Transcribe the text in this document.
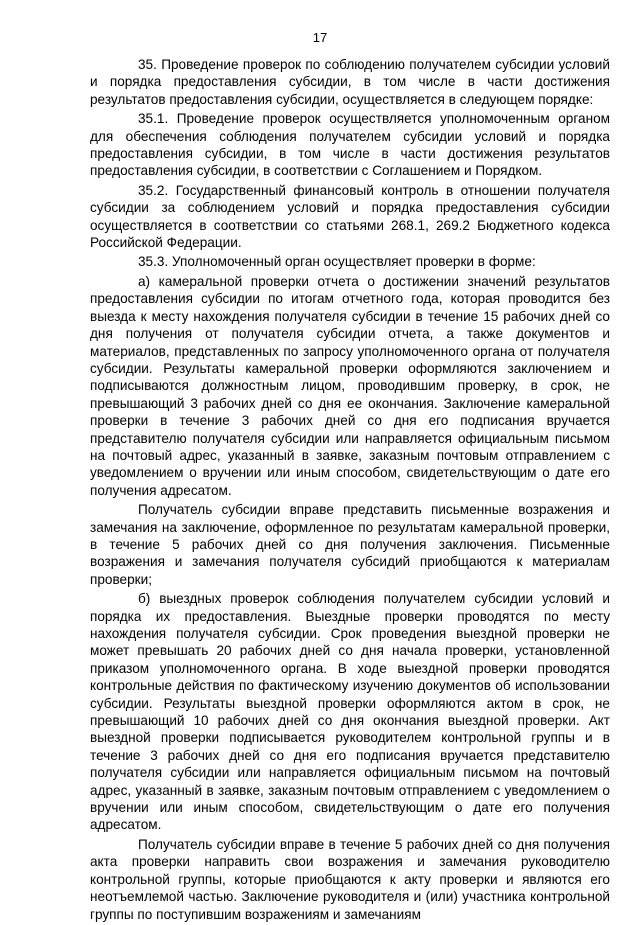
17

35. Проведение проверок по соблюдению получателем субсидии условий и порядка предоставления субсидии, в том числе в части достижения результатов предоставления субсидии, осуществляется в следующем порядке:

35.1. Проведение проверок осуществляется уполномоченным органом для обеспечения соблюдения получателем субсидии условий и порядка предоставления субсидии, в том числе в части достижения результатов предоставления субсидии, в соответствии с Соглашением и Порядком.

35.2. Государственный финансовый контроль в отношении получателя субсидии за соблюдением условий и порядка предоставления субсидии осуществляется в соответствии со статьями 268.1, 269.2 Бюджетного кодекса Российской Федерации.

35.3. Уполномоченный орган осуществляет проверки в форме:

а) камеральной проверки отчета о достижении значений результатов предоставления субсидии по итогам отчетного года, которая проводится без выезда к месту нахождения получателя субсидии в течение 15 рабочих дней со дня получения от получателя субсидии отчета, а также документов и материалов, представленных по запросу уполномоченного органа от получателя субсидии. Результаты камеральной проверки оформляются заключением и подписываются должностным лицом, проводившим проверку, в срок, не превышающий 3 рабочих дней со дня ее окончания. Заключение камеральной проверки в течение 3 рабочих дней со дня его подписания вручается представителю получателя субсидии или направляется официальным письмом на почтовый адрес, указанный в заявке, заказным почтовым отправлением с уведомлением о вручении или иным способом, свидетельствующим о дате его получения адресатом.

Получатель субсидии вправе представить письменные возражения и замечания на заключение, оформленное по результатам камеральной проверки, в течение 5 рабочих дней со дня получения заключения. Письменные возражения и замечания получателя субсидий приобщаются к материалам проверки;

б) выездных проверок соблюдения получателем субсидии условий и порядка их предоставления. Выездные проверки проводятся по месту нахождения получателя субсидии. Срок проведения выездной проверки не может превышать 20 рабочих дней со дня начала проверки, установленной приказом уполномоченного органа. В ходе выездной проверки проводятся контрольные действия по фактическому изучению документов об использовании субсидии. Результаты выездной проверки оформляются актом в срок, не превышающий 10 рабочих дней со дня окончания выездной проверки. Акт выездной проверки подписывается руководителем контрольной группы и в течение 3 рабочих дней со дня его подписания вручается представителю получателя субсидии или направляется официальным письмом на почтовый адрес, указанный в заявке, заказным почтовым отправлением с уведомлением о вручении или иным способом, свидетельствующим о дате его получения адресатом.

Получатель субсидии вправе в течение 5 рабочих дней со дня получения акта проверки направить свои возражения и замечания руководителю контрольной группы, которые приобщаются к акту проверки и являются его неотъемлемой частью. Заключение руководителя и (или) участника контрольной группы по поступившим возражениям и замечаниям
